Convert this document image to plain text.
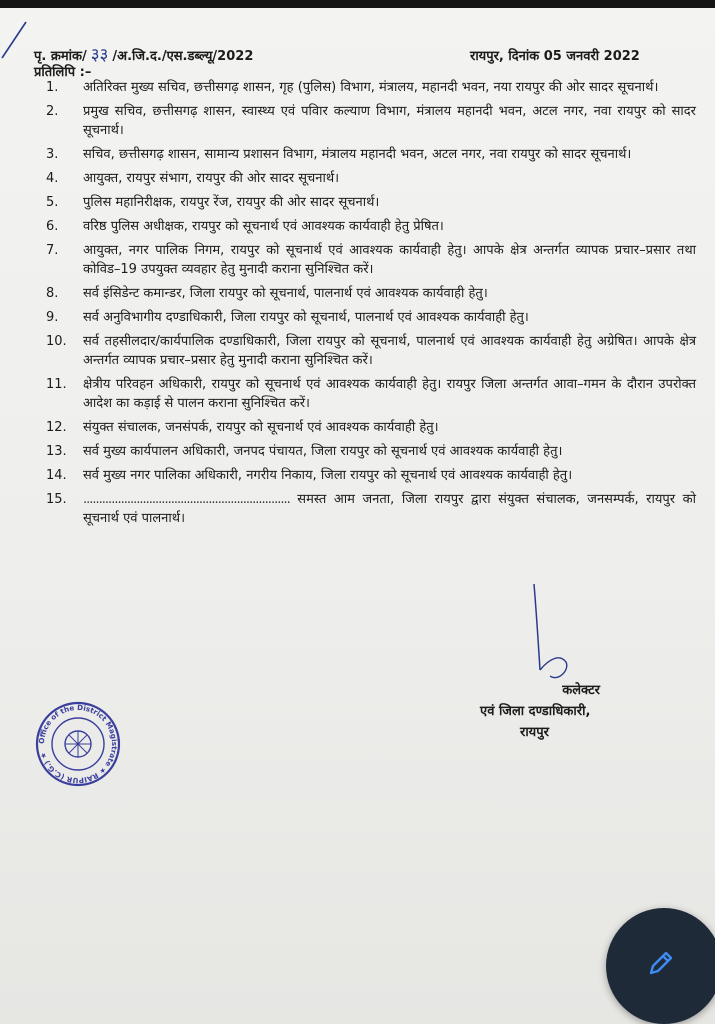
पृ. क्रमांक/ ३३ /अ.जि.द./एस.डब्ल्यू/2022	रायपुर, दिनांक 05 जनवरी 2022
प्रतिलिपि :–
1.	अतिरिक्त मुख्य सचिव, छत्तीसगढ़ शासन, गृह (पुलिस) विभाग, मंत्रालय, महानदी भवन, नया रायपुर की ओर सादर सूचनार्थ।
2.	प्रमुख सचिव, छत्तीसगढ़ शासन, स्वास्थ्य एवं पविार कल्याण विभाग, मंत्रालय महानदी भवन, अटल नगर, नवा रायपुर को सादर सूचनार्थ।
3.	सचिव, छत्तीसगढ़ शासन, सामान्य प्रशासन विभाग, मंत्रालय महानदी भवन, अटल नगर, नवा रायपुर को सादर सूचनार्थ।
4.	आयुक्त, रायपुर संभाग, रायपुर की ओर सादर सूचनार्थ।
5.	पुलिस महानिरीक्षक, रायपुर रेंज, रायपुर की ओर सादर सूचनार्थ।
6.	वरिष्ठ पुलिस अधीक्षक, रायपुर को सूचनार्थ एवं आवश्यक कार्यवाही हेतु प्रेषित।
7.	आयुक्त, नगर पालिक निगम, रायपुर को सूचनार्थ एवं आवश्यक कार्यवाही हेतु। आपके क्षेत्र अन्तर्गत व्यापक प्रचार–प्रसार तथा कोविड–19 उपयुक्त व्यवहार हेतु मुनादी कराना सुनिश्चित करें।
8.	सर्व इंसिडेन्ट कमान्डर, जिला रायपुर को सूचनार्थ, पालनार्थ एवं आवश्यक कार्यवाही हेतु।
9.	सर्व अनुविभागीय दण्डाधिकारी, जिला रायपुर को सूचनार्थ, पालनार्थ एवं आवश्यक कार्यवाही हेतु।
10.	सर्व तहसीलदार/कार्यपालिक दण्डाधिकारी, जिला रायपुर को सूचनार्थ, पालनार्थ एवं आवश्यक कार्यवाही हेतु अग्रेषित। आपके क्षेत्र अन्तर्गत व्यापक प्रचार–प्रसार हेतु मुनादी कराना सुनिश्चित करें।
11.	क्षेत्रीय परिवहन अधिकारी, रायपुर को सूचनार्थ एवं आवश्यक कार्यवाही हेतु। रायपुर जिला अन्तर्गत आवा–गमन के दौरान उपरोक्त आदेश का कड़ाई से पालन कराना सुनिश्चित करें।
12.	संयुक्त संचालक, जनसंपर्क, रायपुर को सूचनार्थ एवं आवश्यक कार्यवाही हेतु।
13.	सर्व मुख्य कार्यपालन अधिकारी, जनपद पंचायत, जिला रायपुर को सूचनार्थ एवं आवश्यक कार्यवाही हेतु।
14.	सर्व मुख्य नगर पालिका अधिकारी, नगरीय निकाय, जिला रायपुर को सूचनार्थ एवं आवश्यक कार्यवाही हेतु।
15.	.................................................................. समस्त आम जनता, जिला रायपुर द्वारा संयुक्त संचालक, जनसम्पर्क, रायपुर को सूचनार्थ एवं पालनार्थ।
कलेक्टर
एवं जिला दण्डाधिकारी,
रायपुर
Office of the District Magistrate ★ RAIPUR (C.G.) ★
